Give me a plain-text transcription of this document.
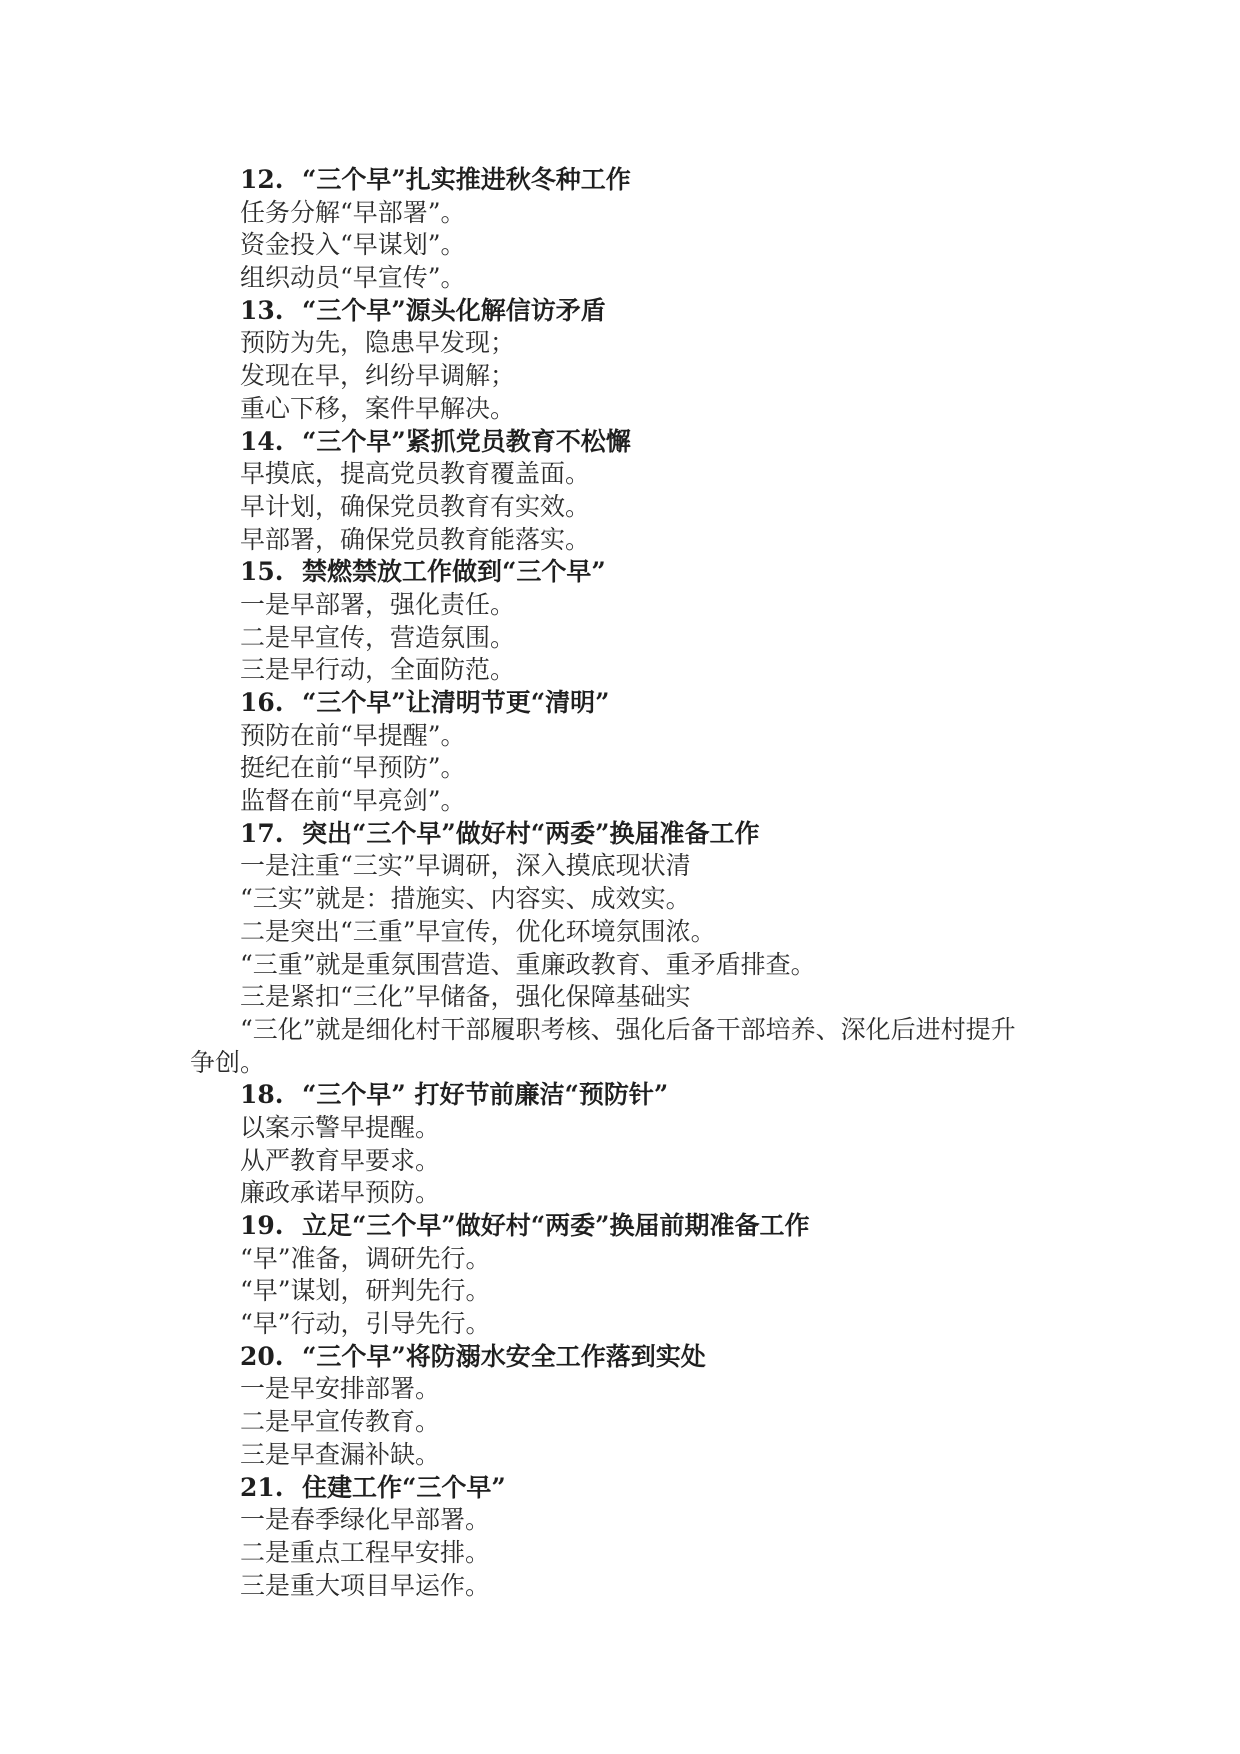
12. “三个早”扎实推进秋冬种工作
任务分解“早部署”。
资金投入“早谋划”。
组织动员“早宣传”。
13. “三个早”源头化解信访矛盾
预防为先，隐患早发现；
发现在早，纠纷早调解；
重心下移，案件早解决。
14. “三个早”紧抓党员教育不松懈
早摸底，提高党员教育覆盖面。
早计划，确保党员教育有实效。
早部署，确保党员教育能落实。
15. 禁燃禁放工作做到“三个早”
一是早部署，强化责任。
二是早宣传，营造氛围。
三是早行动，全面防范。
16. “三个早”让清明节更“清明”
预防在前“早提醒”。
挺纪在前“早预防”。
监督在前“早亮剑”。
17. 突出“三个早”做好村“两委”换届准备工作
一是注重“三实”早调研，深入摸底现状清
“三实”就是：措施实、内容实、成效实。
二是突出“三重”早宣传，优化环境氛围浓。
“三重”就是重氛围营造、重廉政教育、重矛盾排查。
三是紧扣“三化”早储备，强化保障基础实
“三化”就是细化村干部履职考核、强化后备干部培养、深化后进村提升
争创。
18. “三个早” 打好节前廉洁“预防针”
以案示警早提醒。
从严教育早要求。
廉政承诺早预防。
19. 立足“三个早”做好村“两委”换届前期准备工作
“早”准备，调研先行。
“早”谋划，研判先行。
“早”行动，引导先行。
20. “三个早”将防溺水安全工作落到实处
一是早安排部署。
二是早宣传教育。
三是早查漏补缺。
21. 住建工作“三个早”
一是春季绿化早部署。
二是重点工程早安排。
三是重大项目早运作。
